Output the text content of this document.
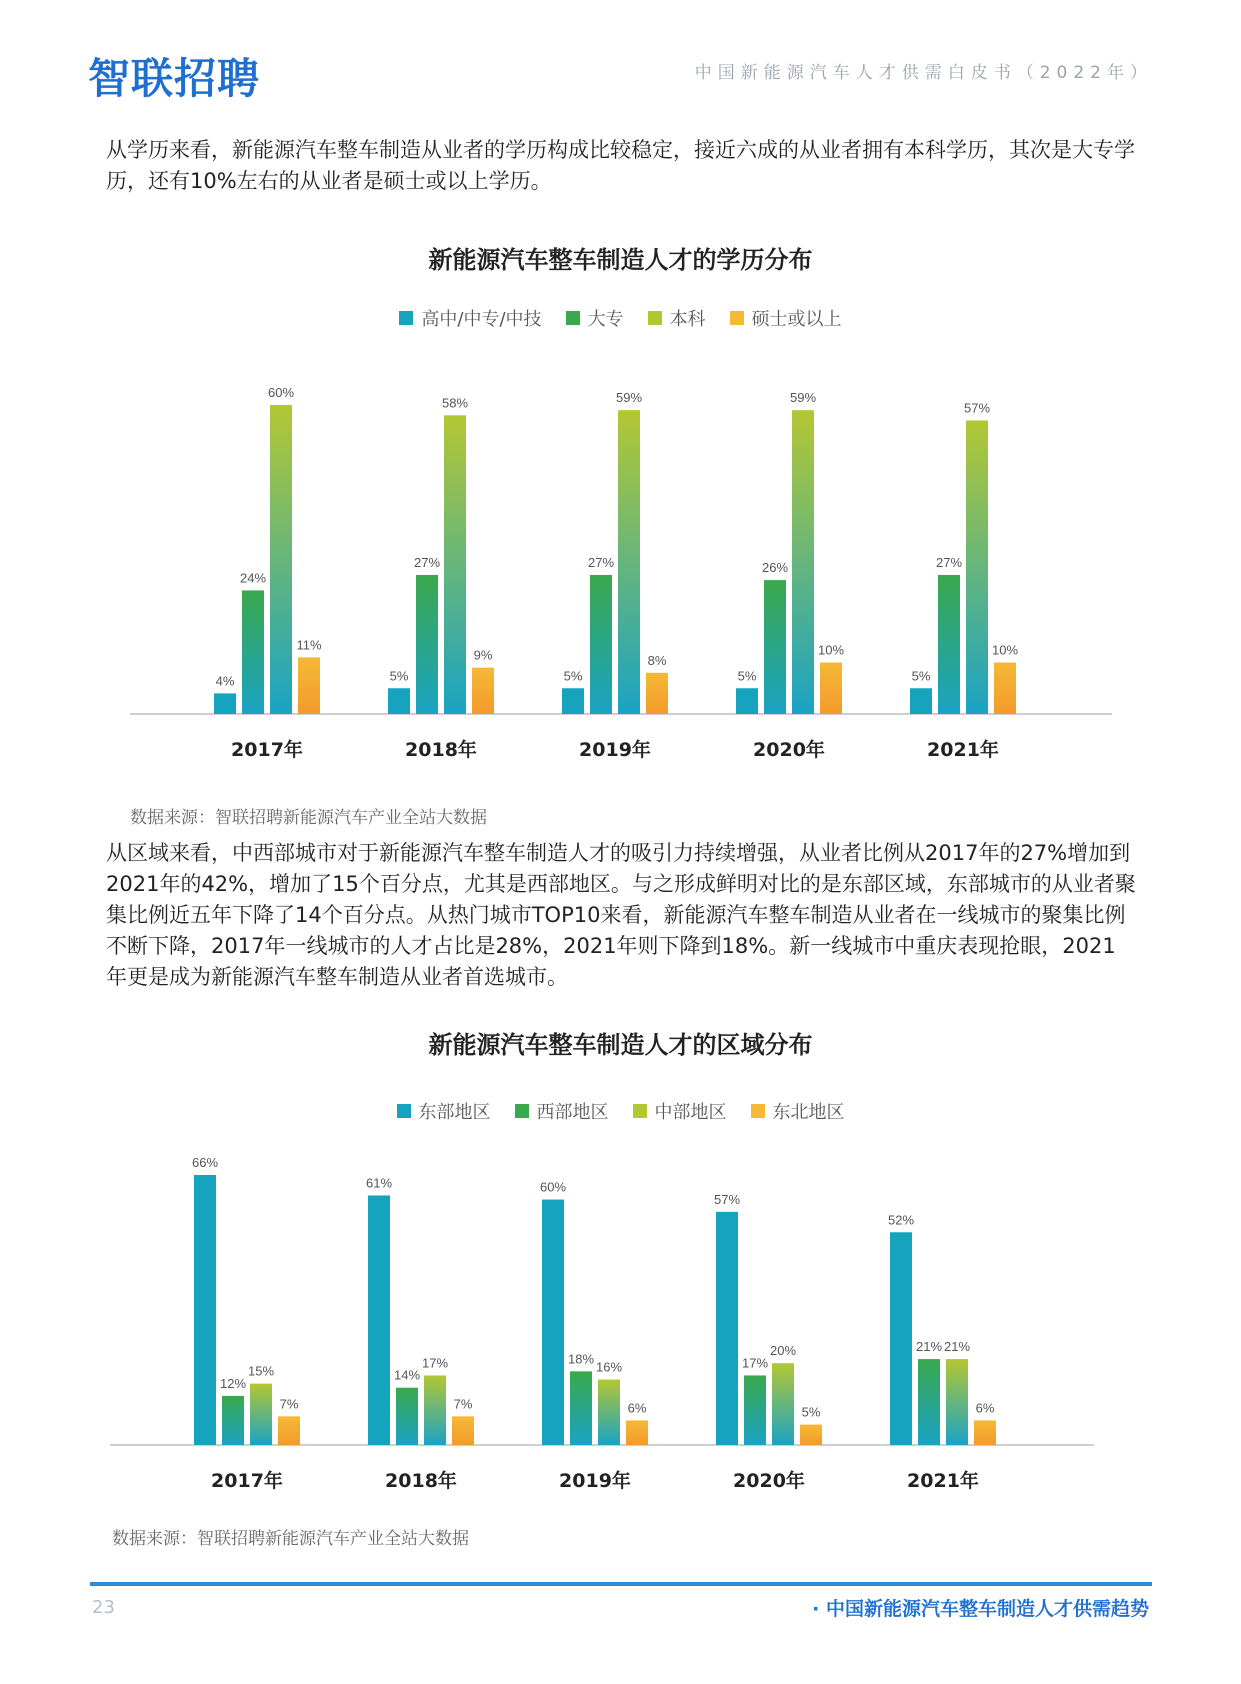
智联招聘	中国新能源汽车人才供需白皮书（2022年）
从学历来看，新能源汽车整车制造从业者的学历构成比较稳定，接近六成的从业者拥有本科学历，其次是大专学历，还有10%左右的从业者是硕士或以上学历。
新能源汽车整车制造人才的学历分布
高中/中专/中技	大专	本科	硕士或以上
4%
24%
60%
11%
2017年
5%
27%
58%
9%
2018年
5%
27%
59%
8%
2019年
5%
26%
59%
10%
2020年
5%
27%
57%
10%
2021年
数据来源：智联招聘新能源汽车产业全站大数据
从区域来看，中西部城市对于新能源汽车整车制造人才的吸引力持续增强，从业者比例从2017年的27%增加到2021年的42%，增加了15个百分点，尤其是西部地区。与之形成鲜明对比的是东部区域，东部城市的从业者聚集比例近五年下降了14个百分点。从热门城市TOP10来看，新能源汽车整车制造从业者在一线城市的聚集比例不断下降，2017年一线城市的人才占比是28%，2021年则下降到18%。新一线城市中重庆表现抢眼，2021年更是成为新能源汽车整车制造从业者首选城市。
新能源汽车整车制造人才的区域分布
东部地区	西部地区	中部地区	东北地区
66%
12%
15%
7%
2017年
61%
14%
17%
7%
2018年
60%
18%
16%
6%
2019年
57%
17%
20%
5%
2020年
52%
21% 21%
6%
2021年
数据来源：智联招聘新能源汽车产业全站大数据
23	· 中国新能源汽车整车制造人才供需趋势
